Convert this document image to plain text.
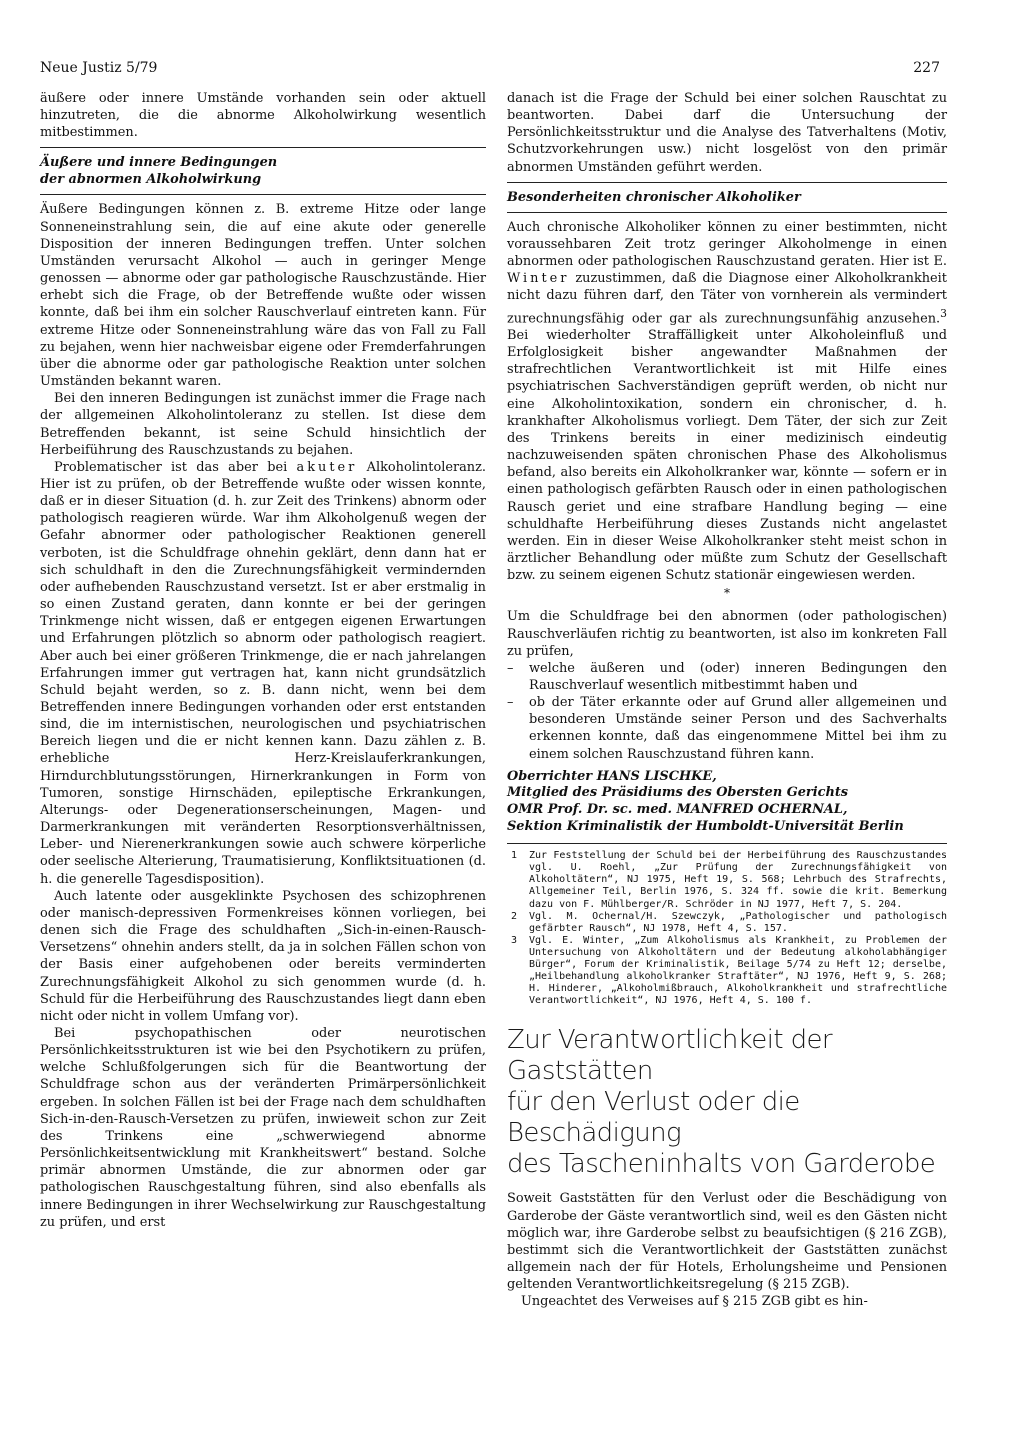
Neue Justiz 5/79	227

äußere oder innere Umstände vorhanden sein oder aktuell hinzutreten, die die abnorme Alkoholwirkung wesentlich mitbestimmen.

Äußere und innere Bedingungen
der abnormen Alkoholwirkung

Äußere Bedingungen können z. B. extreme Hitze oder lange Sonneneinstrahlung sein, die auf eine akute oder generelle Disposition der inneren Bedingungen treffen. Unter solchen Umständen verursacht Alkohol — auch in geringer Menge genossen — abnorme oder gar pathologische Rauschzustände. Hier erhebt sich die Frage, ob der Betreffende wußte oder wissen konnte, daß bei ihm ein solcher Rauschverlauf eintreten kann. Für extreme Hitze oder Sonneneinstrahlung wäre das von Fall zu Fall zu bejahen, wenn hier nachweisbar eigene oder Fremderfahrungen über die abnorme oder gar pathologische Reaktion unter solchen Umständen bekannt waren.

Bei den inneren Bedingungen ist zunächst immer die Frage nach der allgemeinen Alkoholintoleranz zu stellen. Ist diese dem Betreffenden bekannt, ist seine Schuld hinsichtlich der Herbeiführung des Rauschzustands zu bejahen.

Problematischer ist das aber bei akuter Alkoholintoleranz. Hier ist zu prüfen, ob der Betreffende wußte oder wissen konnte, daß er in dieser Situation (d. h. zur Zeit des Trinkens) abnorm oder pathologisch reagieren würde. War ihm Alkoholgenuß wegen der Gefahr abnormer oder pathologischer Reaktionen generell verboten, ist die Schuldfrage ohnehin geklärt, denn dann hat er sich schuldhaft in den die Zurechnungsfähigkeit vermindernden oder aufhebenden Rauschzustand versetzt. Ist er aber erstmalig in so einen Zustand geraten, dann konnte er bei der geringen Trinkmenge nicht wissen, daß er entgegen eigenen Erwartungen und Erfahrungen plötzlich so abnorm oder pathologisch reagiert. Aber auch bei einer größeren Trinkmenge, die er nach jahrelangen Erfahrungen immer gut vertragen hat, kann nicht grundsätzlich Schuld bejaht werden, so z. B. dann nicht, wenn bei dem Betreffenden innere Bedingungen vorhanden oder erst entstanden sind, die im internistischen, neurologischen und psychiatrischen Bereich liegen und die er nicht kennen kann. Dazu zählen z. B. erhebliche Herz-Kreislauferkrankungen, Hirndurchblutungsstörungen, Hirnerkrankungen in Form von Tumoren, sonstige Hirnschäden, epileptische Erkrankungen, Alterungs- oder Degenerationserscheinungen, Magen- und Darmerkrankungen mit veränderten Resorptionsverhältnissen, Leber- und Nierenerkrankungen sowie auch schwere körperliche oder seelische Alterierung, Traumatisierung, Konfliktsituationen (d. h. die generelle Tagesdisposition).

Auch latente oder ausgeklinkte Psychosen des schizophrenen oder manisch-depressiven Formenkreises können vorliegen, bei denen sich die Frage des schuldhaften „Sich-in-einen-Rausch-Versetzens“ ohnehin anders stellt, da ja in solchen Fällen schon von der Basis einer aufgehobenen oder bereits verminderten Zurechnungsfähigkeit Alkohol zu sich genommen wurde (d. h. Schuld für die Herbeiführung des Rauschzustandes liegt dann eben nicht oder nicht in vollem Umfang vor).

Bei psychopathischen oder neurotischen Persönlichkeitsstrukturen ist wie bei den Psychotikern zu prüfen, welche Schlußfolgerungen sich für die Beantwortung der Schuldfrage schon aus der veränderten Primärpersönlichkeit ergeben. In solchen Fällen ist bei der Frage nach dem schuldhaften Sich-in-den-Rausch-Versetzen zu prüfen, inwieweit schon zur Zeit des Trinkens eine „schwerwiegend abnorme Persönlichkeitsentwicklung mit Krankheitswert“ bestand. Solche primär abnormen Umstände, die zur abnormen oder gar pathologischen Rauschgestaltung führen, sind also ebenfalls als innere Bedingungen in ihrer Wechselwirkung zur Rauschgestaltung zu prüfen, und erst

danach ist die Frage der Schuld bei einer solchen Rauschtat zu beantworten. Dabei darf die Untersuchung der Persönlichkeitsstruktur und die Analyse des Tatverhaltens (Motiv, Schutzvorkehrungen usw.) nicht losgelöst von den primär abnormen Umständen geführt werden.

Besonderheiten chronischer Alkoholiker

Auch chronische Alkoholiker können zu einer bestimmten, nicht voraussehbaren Zeit trotz geringer Alkoholmenge in einen abnormen oder pathologischen Rauschzustand geraten. Hier ist E. Winter zuzustimmen, daß die Diagnose einer Alkoholkrankheit nicht dazu führen darf, den Täter von vornherein als vermindert zurechnungsfähig oder gar als zurechnungsunfähig anzusehen.$^3$ Bei wiederholter Straffälligkeit unter Alkoholeinfluß und Erfolglosigkeit bisher angewandter Maßnahmen der strafrechtlichen Verantwortlichkeit ist mit Hilfe eines psychiatrischen Sachverständigen geprüft werden, ob nicht nur eine Alkoholintoxikation, sondern ein chronischer, d. h. krankhafter Alkoholismus vorliegt. Dem Täter, der sich zur Zeit des Trinkens bereits in einer medizinisch eindeutig nachzuweisenden späten chronischen Phase des Alkoholismus befand, also bereits ein Alkoholkranker war, könnte — sofern er in einen pathologisch gefärbten Rausch oder in einen pathologischen Rausch geriet und eine strafbare Handlung beging — eine schuldhafte Herbeiführung dieses Zustands nicht angelastet werden. Ein in dieser Weise Alkoholkranker steht meist schon in ärztlicher Behandlung oder müßte zum Schutz der Gesellschaft bzw. zu seinem eigenen Schutz stationär eingewiesen werden.

*

Um die Schuldfrage bei den abnormen (oder pathologischen) Rauschverläufen richtig zu beantworten, ist also im konkreten Fall zu prüfen,

– welche äußeren und (oder) inneren Bedingungen den Rauschverlauf wesentlich mitbestimmt haben und
– ob der Täter erkannte oder auf Grund aller allgemeinen und besonderen Umstände seiner Person und des Sachverhalts erkennen konnte, daß das eingenommene Mittel bei ihm zu einem solchen Rauschzustand führen kann.
Oberrichter HANS LISCHKE,
Mitglied des Präsidiums des Obersten Gerichts
OMR Prof. Dr. sc. med. MANFRED OCHERNAL,
Sektion Kriminalistik der Humboldt-Universität Berlin
1 Zur Feststellung der Schuld bei der Herbeiführung des Rauschzustandes vgl. U. Roehl, „Zur Prüfung der Zurechnungsfähigkeit von Alkoholtätern“, NJ 1975, Heft 19, S. 568; Lehrbuch des Strafrechts, Allgemeiner Teil, Berlin 1976, S. 324 ff. sowie die krit. Bemerkung dazu von F. Mühlberger/R. Schröder in NJ 1977, Heft 7, S. 204.
2 Vgl. M. Ochernal/H. Szewczyk, „Pathologischer und pathologisch gefärbter Rausch“, NJ 1978, Heft 4, S. 157.
3 Vgl. E. Winter, „Zum Alkoholismus als Krankheit, zu Problemen der Untersuchung von Alkoholtätern und der Bedeutung alkoholabhängiger Bürger“, Forum der Kriminalistik, Beilage 5/74 zu Heft 12; derselbe, „Heilbehandlung alkoholkranker Straftäter“, NJ 1976, Heft 9, S. 268; H. Hinderer, „Alkoholmißbrauch, Alkoholkrankheit und strafrechtliche Verantwortlichkeit“, NJ 1976, Heft 4, S. 100 f.
Zur Verantwortlichkeit der Gaststätten
für den Verlust oder die Beschädigung
des Tascheninhalts von Garderobe

Soweit Gaststätten für den Verlust oder die Beschädigung von Garderobe der Gäste verantwortlich sind, weil es den Gästen nicht möglich war, ihre Garderobe selbst zu beaufsichtigen (§ 216 ZGB), bestimmt sich die Verantwortlichkeit der Gaststätten zunächst allgemein nach der für Hotels, Erholungsheime und Pensionen geltenden Verantwortlichkeitsregelung (§ 215 ZGB).

Ungeachtet des Verweises auf § 215 ZGB gibt es hin-
